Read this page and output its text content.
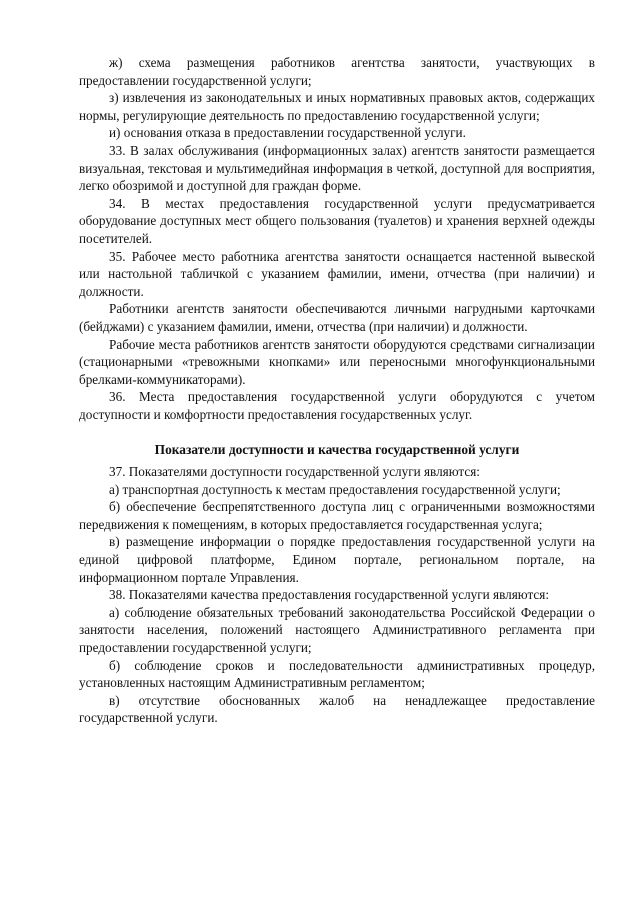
ж) схема размещения работников агентства занятости, участвующих в предоставлении государственной услуги;

з) извлечения из законодательных и иных нормативных правовых актов, содержащих нормы, регулирующие деятельность по предоставлению государственной услуги;

и) основания отказа в предоставлении государственной услуги.

33. В залах обслуживания (информационных залах) агентств занятости размещается визуальная, текстовая и мультимедийная информация в четкой, доступной для восприятия, легко обозримой и доступной для граждан форме.

34. В местах предоставления государственной услуги предусматривается оборудование доступных мест общего пользования (туалетов) и хранения верхней одежды посетителей.

35. Рабочее место работника агентства занятости оснащается настенной вывеской или настольной табличкой с указанием фамилии, имени, отчества (при наличии) и должности.

Работники агентств занятости обеспечиваются личными нагрудными карточками (бейджами) с указанием фамилии, имени, отчества (при наличии) и должности.

Рабочие места работников агентств занятости оборудуются средствами сигнализации (стационарными «тревожными кнопками» или переносными многофункциональными брелками-коммуникаторами).

36. Места предоставления государственной услуги оборудуются с учетом доступности и комфортности предоставления государственных услуг.

Показатели доступности и качества государственной услуги

37. Показателями доступности государственной услуги являются:

а) транспортная доступность к местам предоставления государственной услуги;

б) обеспечение беспрепятственного доступа лиц с ограниченными возможностями передвижения к помещениям, в которых предоставляется государственная услуга;

в) размещение информации о порядке предоставления государственной услуги на единой цифровой платформе, Едином портале, региональном портале, на информационном портале Управления.

38. Показателями качества предоставления государственной услуги являются:

а) соблюдение обязательных требований законодательства Российской Федерации о занятости населения, положений настоящего Административного регламента при предоставлении государственной услуги;

б) соблюдение сроков и последовательности административных процедур, установленных настоящим Административным регламентом;

в) отсутствие обоснованных жалоб на ненадлежащее предоставление государственной услуги.
